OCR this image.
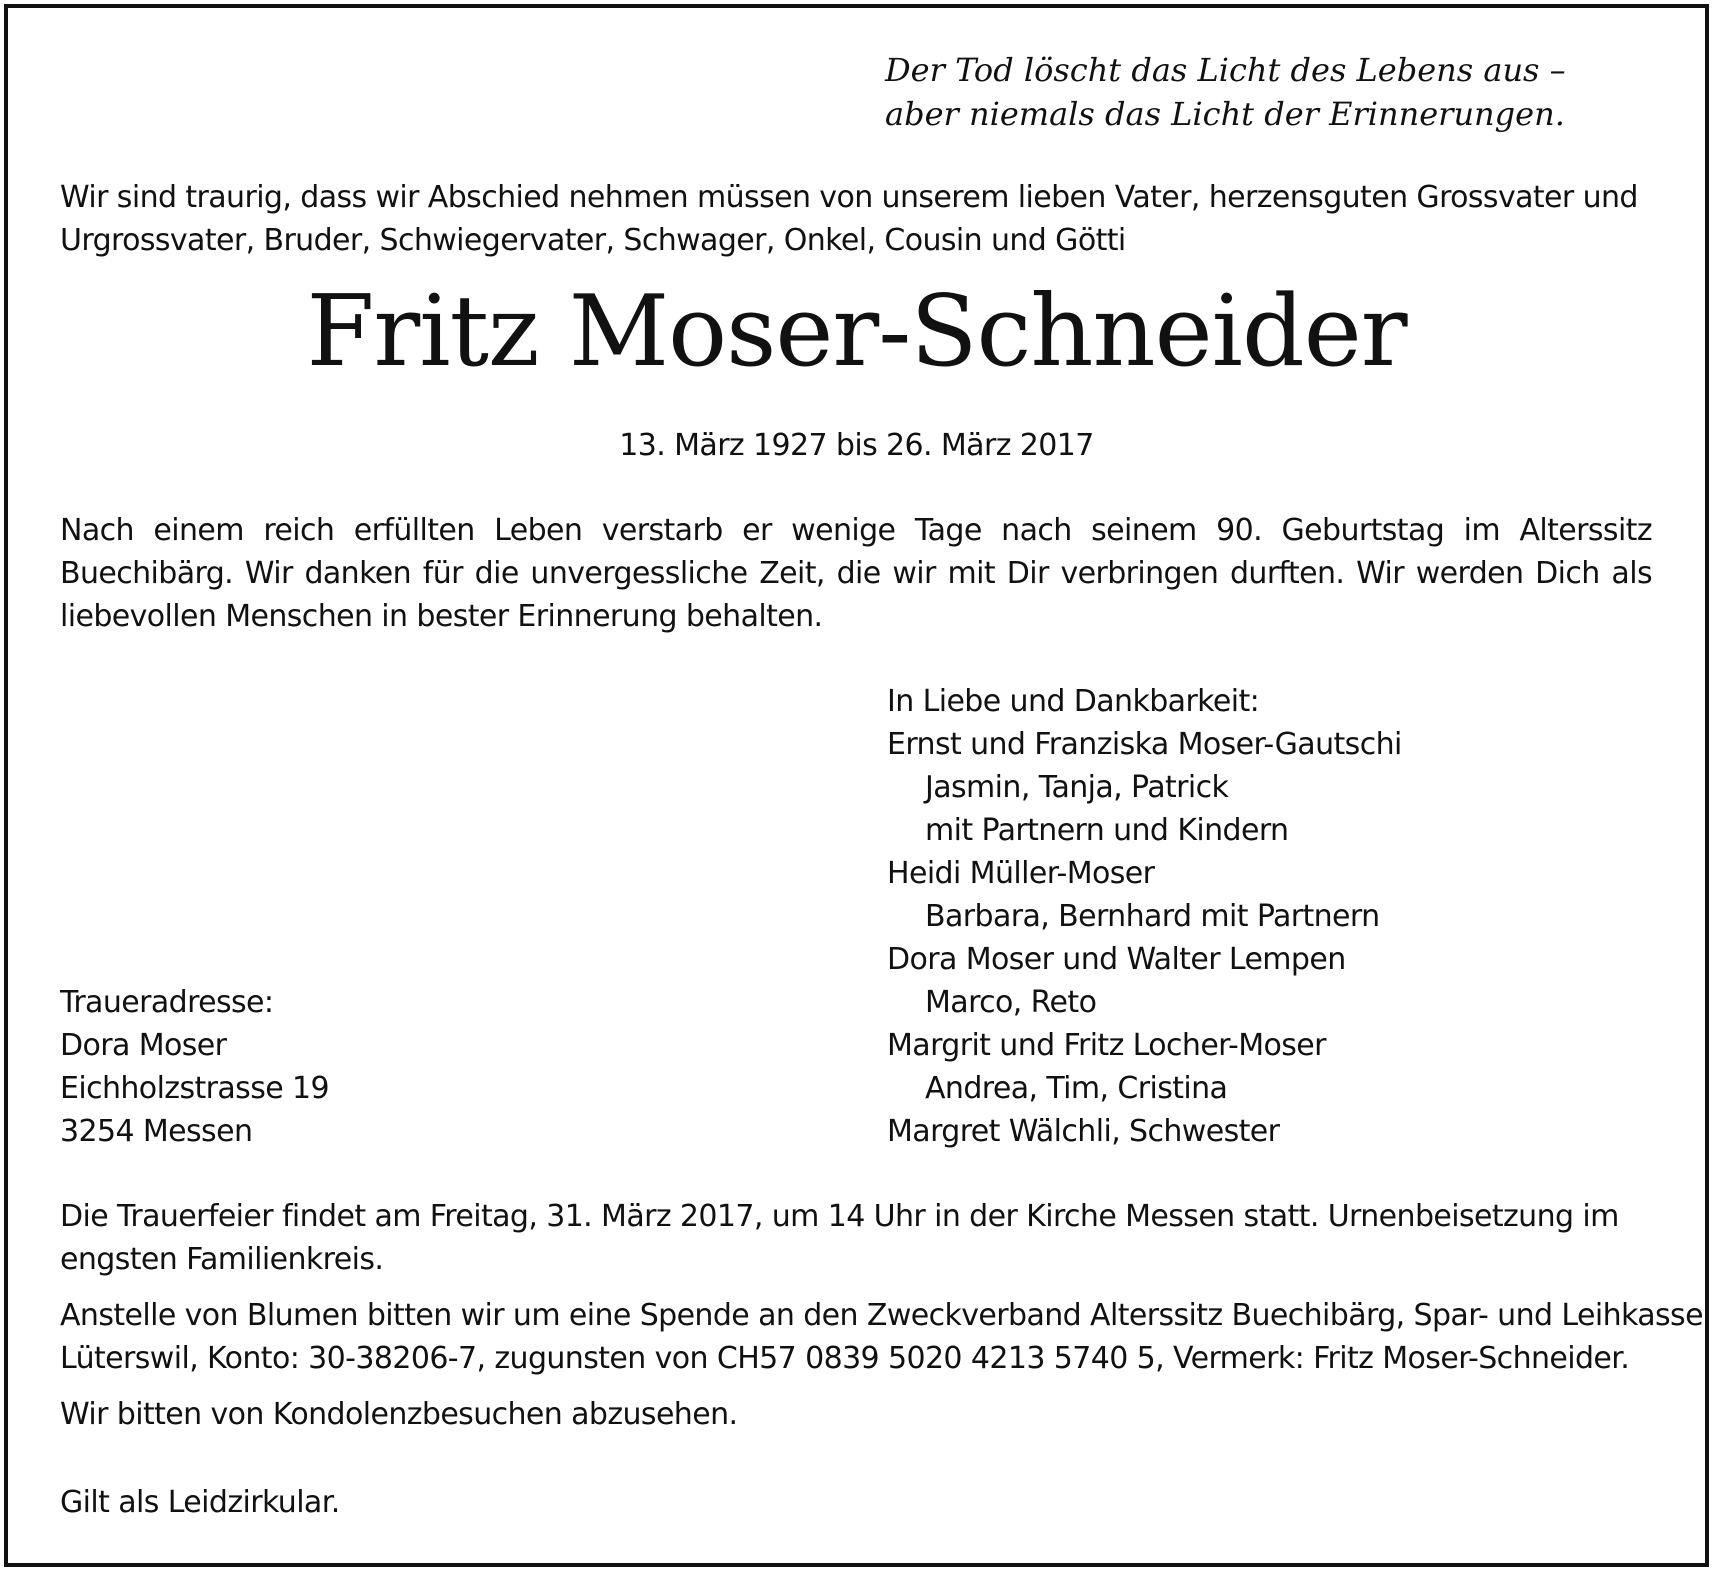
Der Tod löscht das Licht des Lebens aus –
aber niemals das Licht der Erinnerungen.
Wir sind traurig, dass wir Abschied nehmen müssen von unserem lieben Vater, herzensguten Grossvater und
Urgrossvater, Bruder, Schwiegervater, Schwager, Onkel, Cousin und Götti
Fritz Moser-Schneider
13. März 1927 bis 26. März 2017
Nach einem reich erfüllten Leben verstarb er wenige Tage nach seinem 90. Geburtstag im Alterssitz
Buechibärg. Wir danken für die unvergessliche Zeit, die wir mit Dir verbringen durften. Wir werden Dich als
liebevollen Menschen in bester Erinnerung behalten.
In Liebe und Dankbarkeit:
Ernst und Franziska Moser-Gautschi
Jasmin, Tanja, Patrick
mit Partnern und Kindern
Heidi Müller-Moser
Barbara, Bernhard mit Partnern
Dora Moser und Walter Lempen
Marco, Reto
Margrit und Fritz Locher-Moser
Andrea, Tim, Cristina
Margret Wälchli, Schwester
Traueradresse:
Dora Moser
Eichholzstrasse 19
3254 Messen
Die Trauerfeier findet am Freitag, 31. März 2017, um 14 Uhr in der Kirche Messen statt. Urnenbeisetzung im
engsten Familienkreis.
Anstelle von Blumen bitten wir um eine Spende an den Zweckverband Alterssitz Buechibärg, Spar- und Leihkasse
Lüterswil, Konto: 30-38206-7, zugunsten von CH57 0839 5020 4213 5740 5, Vermerk: Fritz Moser-Schneider.
Wir bitten von Kondolenzbesuchen abzusehen.
Gilt als Leidzirkular.
